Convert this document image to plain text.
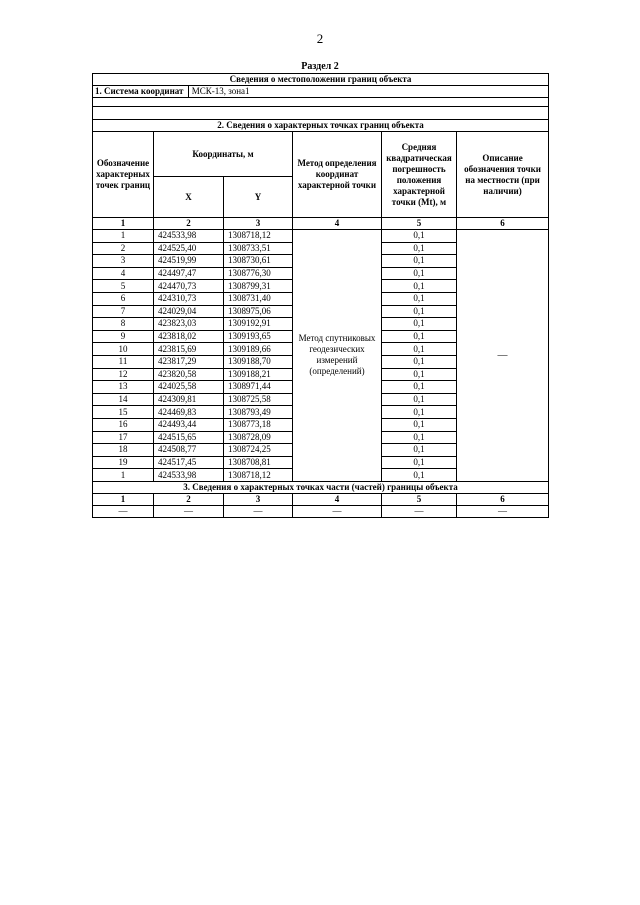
2
Раздел 2
Сведения о местоположении границ объекта					
1. Система координат МСК-13, зона1					

2. Сведения о характерных точках границ объекта					
Обозначение характерных точек границ	Координаты, м		Метод определения координат характерной точки	Средняя квадратическая погрешность положения характерной точки (Мt), м	Описание обозначения точки на местности (при наличии)
	X	Y			
1	2	3	4	5	6
1	424533,98	1308718,12	Метод спутниковых геодезических измерений (определений)	0,1	—
2	424525,40	1308733,51		0,1	
3	424519,99	1308730,61		0,1	
4	424497,47	1308776,30		0,1	
5	424470,73	1308799,31		0,1	
6	424310,73	1308731,40		0,1	
7	424029,04	1308975,06		0,1	
8	423823,03	1309192,91		0,1	
9	423818,02	1309193,65		0,1	
10	423815,69	1309189,66		0,1	
11	423817,29	1309188,70		0,1	
12	423820,58	1309188,21		0,1	
13	424025,58	1308971,44		0,1	
14	424309,81	1308725,58		0,1	
15	424469,83	1308793,49		0,1	
16	424493,44	1308773,18		0,1	
17	424515,65	1308728,09		0,1	
18	424508,77	1308724,25		0,1	
19	424517,45	1308708,81		0,1	
1	424533,98	1308718,12		0,1	
3. Сведения о характерных точках части (частей) границы объекта					
1	2	3	4	5	6
—	—	—	—	—	—
